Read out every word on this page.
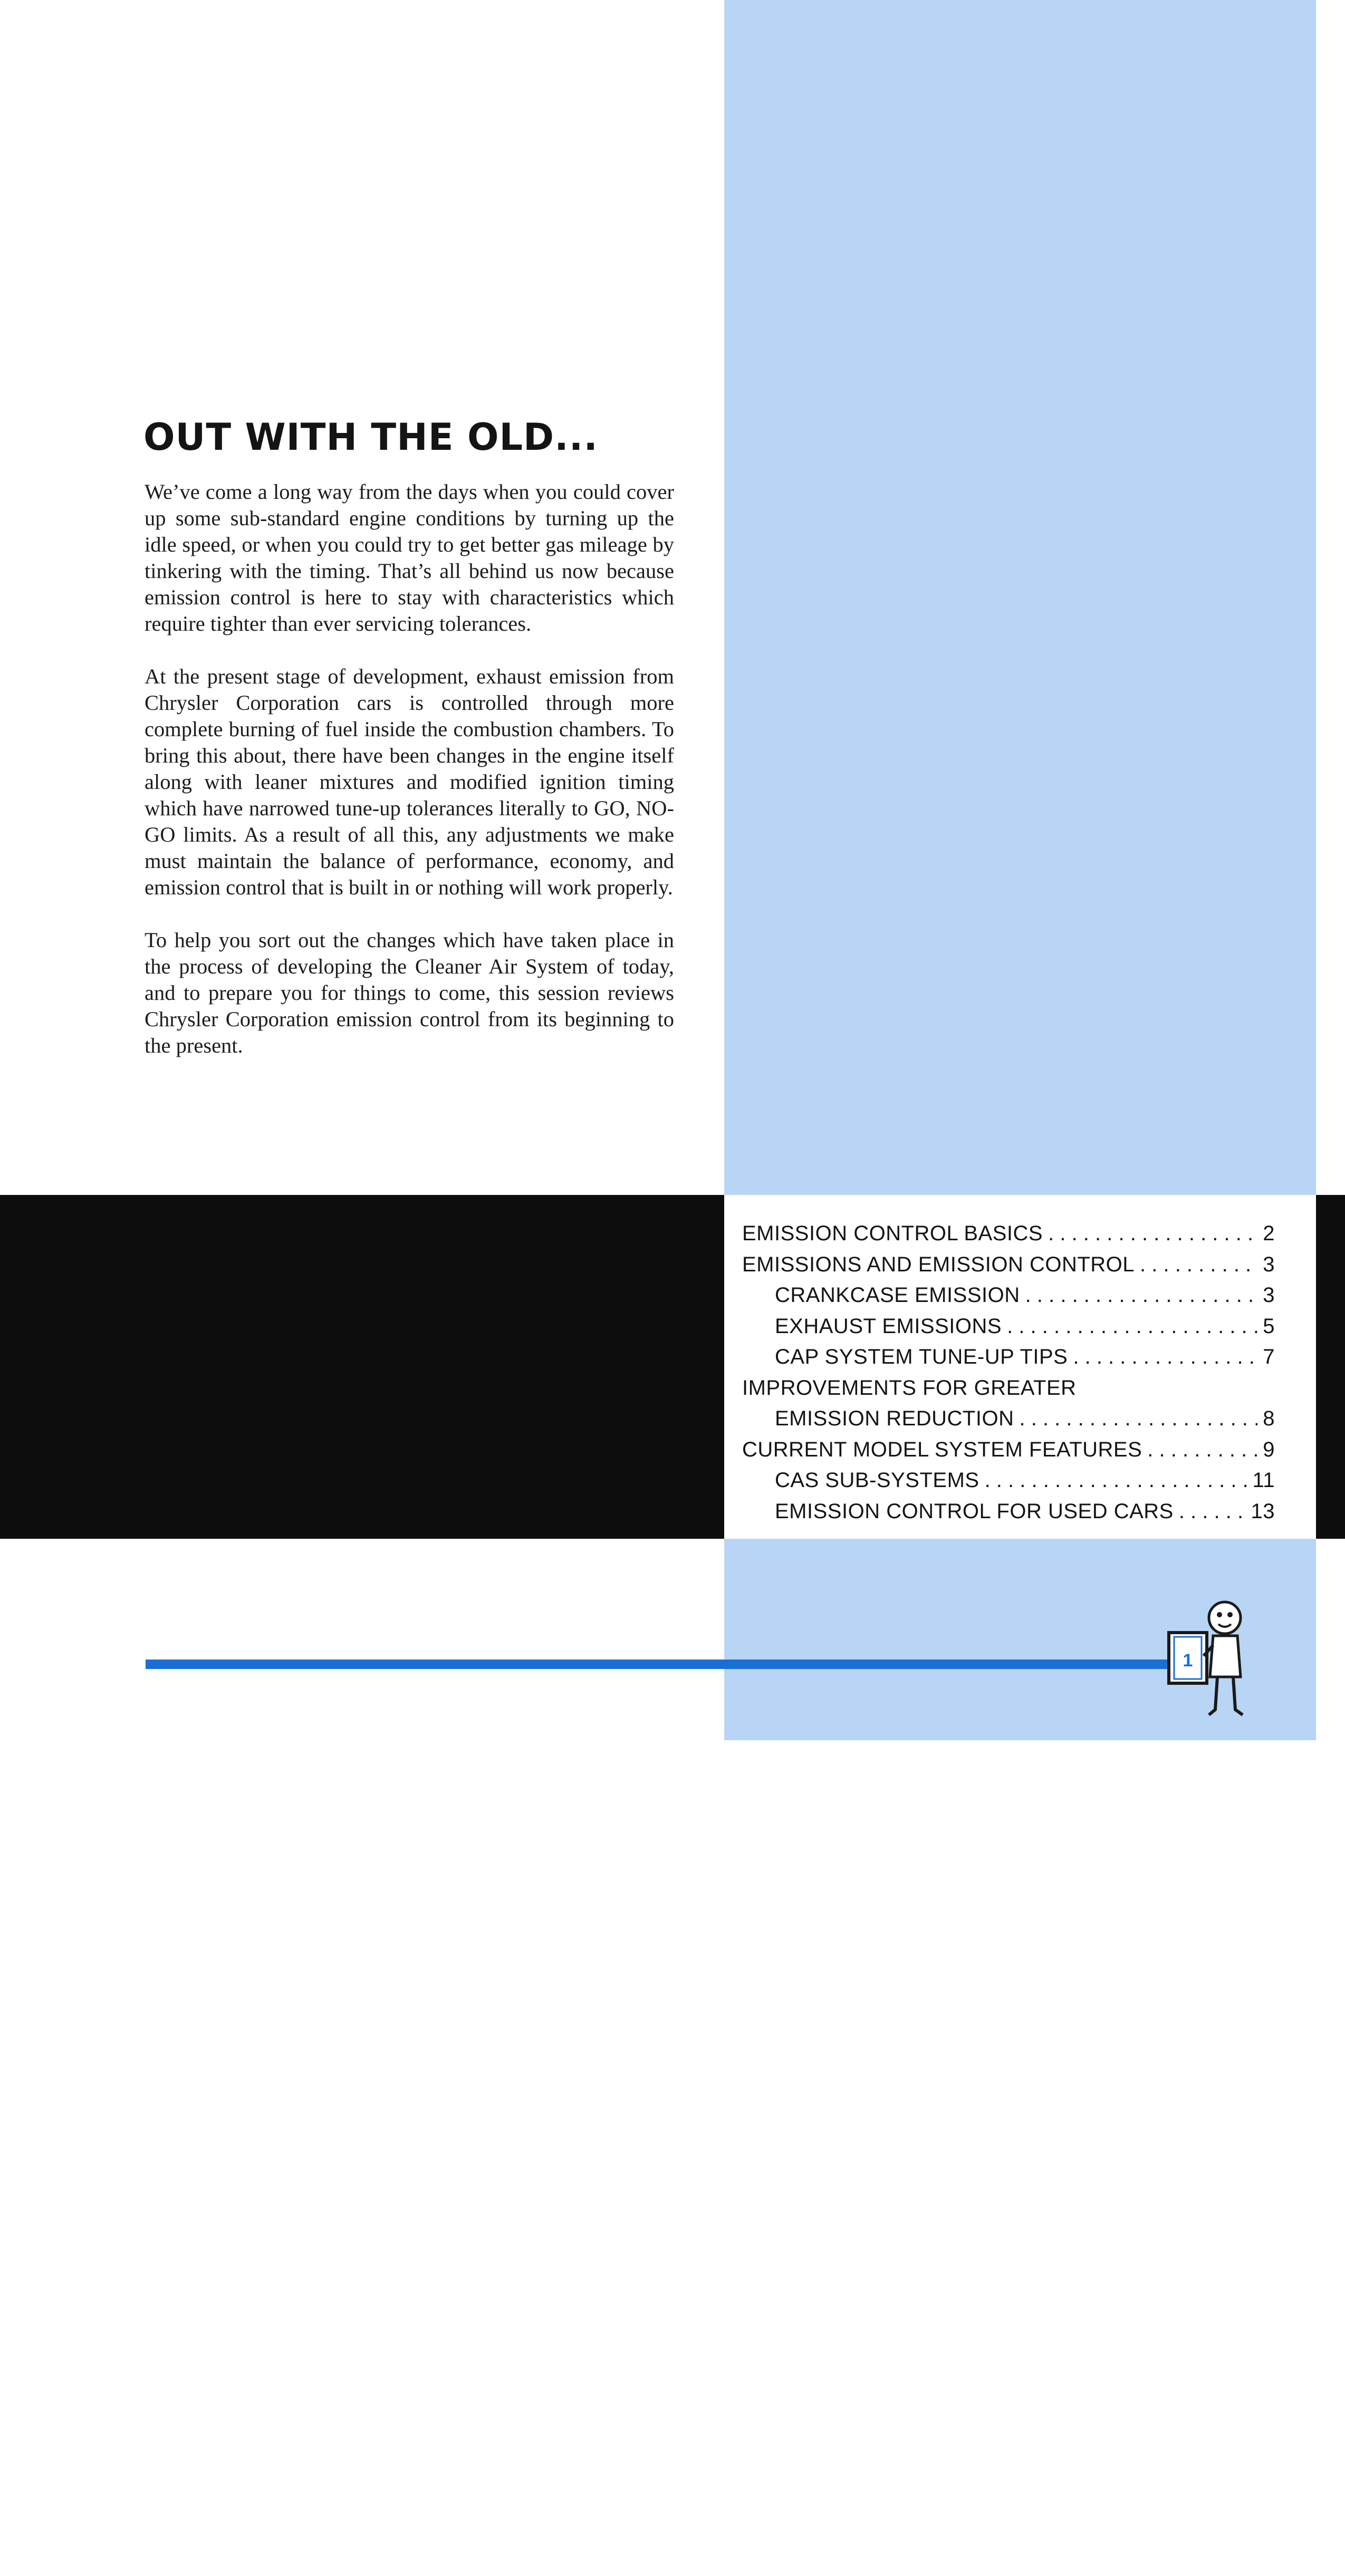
OUT WITH THE OLD...

We’ve come a long way from the days when you could cover up some sub-standard engine conditions by turning up the idle speed, or when you could try to get better gas mileage by tinkering with the timing. That’s all behind us now because emission control is here to stay with characteristics which require tighter than ever servicing tolerances.

At the present stage of development, exhaust emission from Chrysler Corporation cars is controlled through more complete burning of fuel inside the combustion chambers. To bring this about, there have been changes in the engine itself along with leaner mixtures and modified ignition timing which have narrowed tune-up tolerances literally to GO, NO-GO limits. As a result of all this, any adjustments we make must maintain the balance of performance, economy, and emission control that is built in or nothing will work properly.

To help you sort out the changes which have taken place in the process of developing the Cleaner Air System of today, and to prepare you for things to come, this session reviews Chrysler Corporation emission control from its beginning to the present.

TABLE OF CONTENTS
EMISSION CONTROL BASICS . . .	2
EMISSIONS AND EMISSION CONTROL . . .	3
CRANKCASE EMISSION . . .	3
EXHAUST EMISSIONS . . .	5
CAP SYSTEM TUNE-UP TIPS . . .	7
IMPROVEMENTS FOR GREATER
EMISSION REDUCTION . . .	8
CURRENT MODEL SYSTEM FEATURES . . .	9
CAS SUB-SYSTEMS . . .	11
EMISSION CONTROL FOR USED CARS . . .	13
1
